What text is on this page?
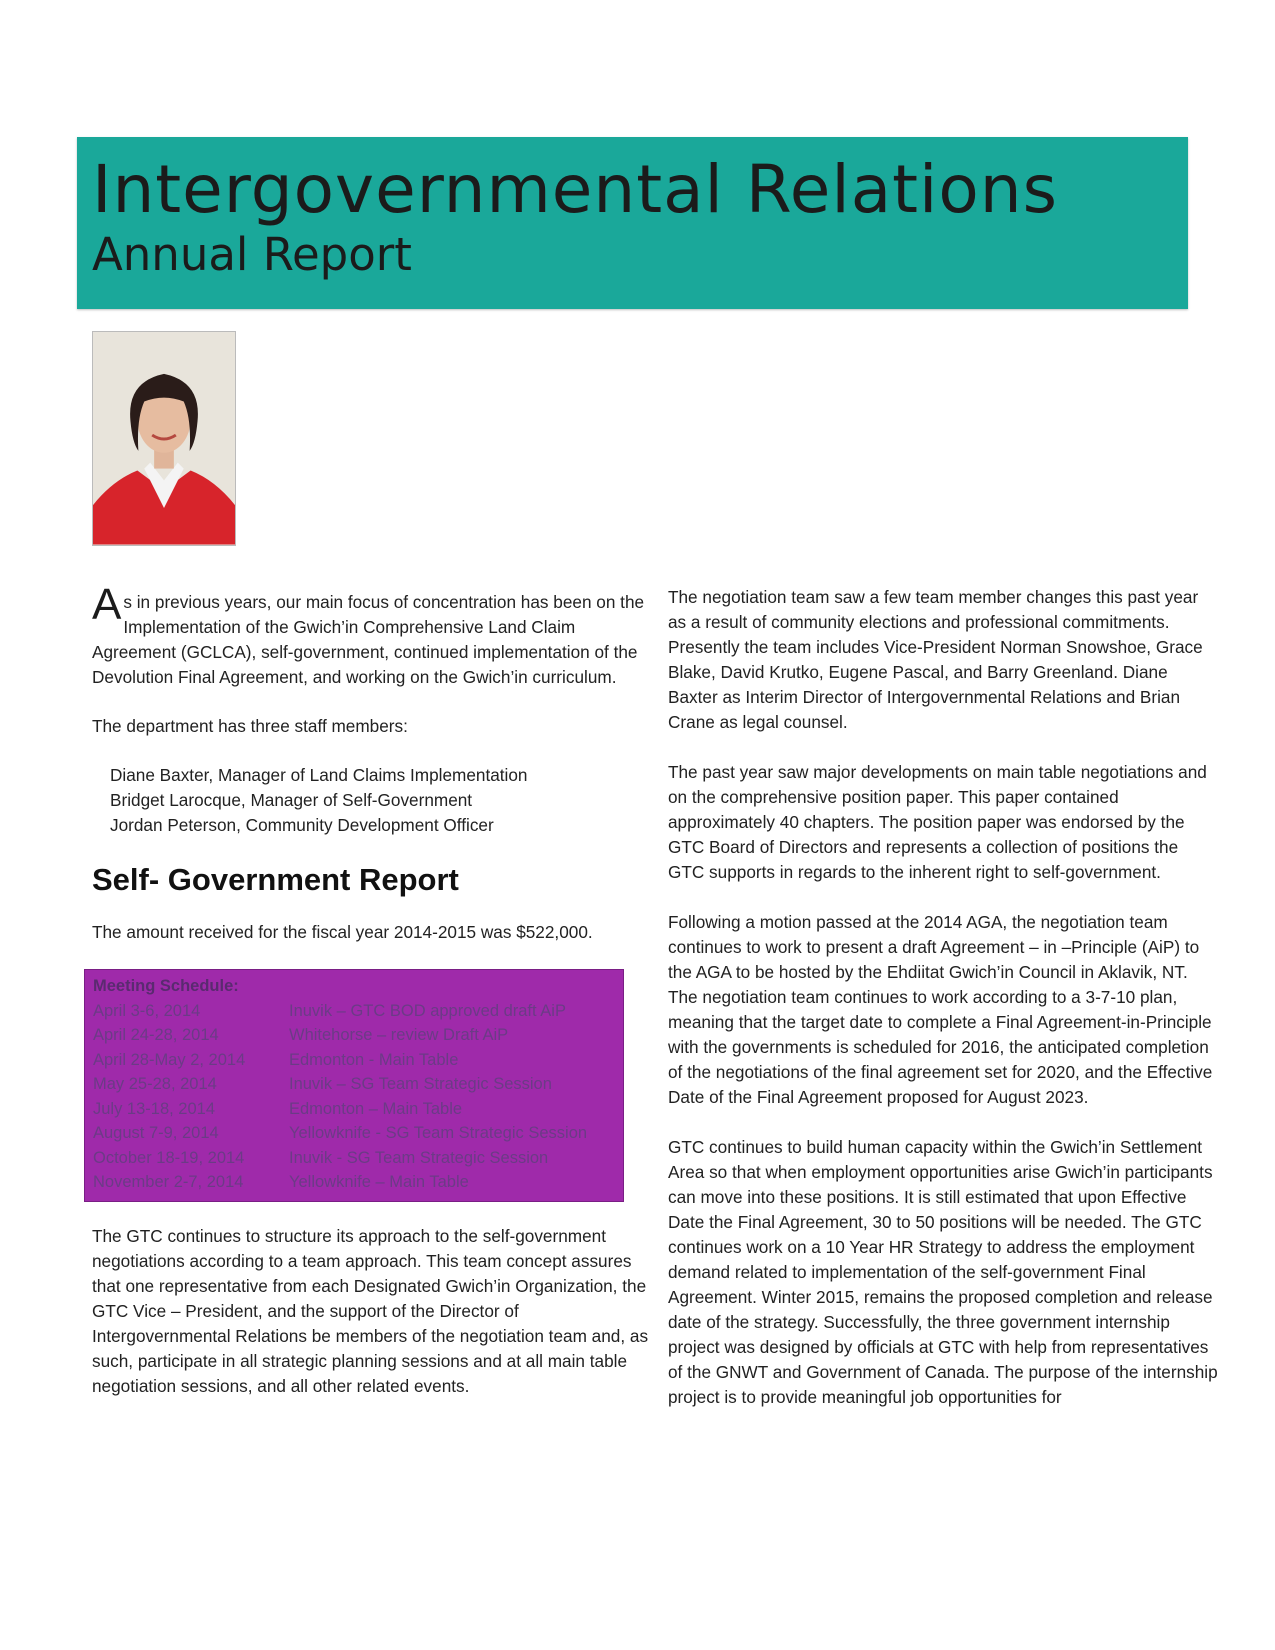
Intergovernmental Relations
Annual Report

As in previous years, our main focus of concentration has been on the Implementation of the Gwich’in Comprehensive Land Claim Agreement (GCLCA), self-government, continued implementation of the Devolution Final Agreement, and working on the Gwich’in curriculum.

The department has three staff members:

Diane Baxter, Manager of Land Claims Implementation
Bridget Larocque, Manager of Self-Government
Jordan Peterson, Community Development Officer
Self- Government Report

The amount received for the fiscal year 2014-2015 was $522,000.

Meeting Schedule:
April 3-6, 2014	Inuvik – GTC BOD approved draft AiP
April 24-28, 2014	Whitehorse – review Draft AiP
April 28-May 2, 2014	Edmonton - Main Table
May 25-28, 2014	Inuvik – SG Team Strategic Session
July 13-18, 2014	Edmonton – Main Table
August 7-9, 2014	Yellowknife - SG Team Strategic Session
October 18-19, 2014	Inuvik - SG Team Strategic Session
November 2-7, 2014	Yellowknife – Main Table

The GTC continues to structure its approach to the self-government negotiations according to a team approach. This team concept assures that one representative from each Designated Gwich’in Organization, the GTC Vice – President, and the support of the Director of Intergovernmental Relations be members of the negotiation team and, as such, participate in all strategic planning sessions and at all main table negotiation sessions, and all other related events.

The negotiation team saw a few team member changes this past year as a result of community elections and professional commitments. Presently the team includes Vice-President Norman Snowshoe, Grace Blake, David Krutko, Eugene Pascal, and Barry Greenland. Diane Baxter as Interim Director of Intergovernmental Relations and Brian Crane as legal counsel.

The past year saw major developments on main table negotiations and on the comprehensive position paper. This paper contained approximately 40 chapters. The position paper was endorsed by the GTC Board of Directors and represents a collection of positions the GTC supports in regards to the inherent right to self-government.

Following a motion passed at the 2014 AGA, the negotiation team continues to work to present a draft Agreement – in –Principle (AiP) to the AGA to be hosted by the Ehdiitat Gwich’in Council in Aklavik, NT. The negotiation team continues to work according to a 3-7-10 plan, meaning that the target date to complete a Final Agreement-in-Principle with the governments is scheduled for 2016, the anticipated completion of the negotiations of the final agreement set for 2020, and the Effective Date of the Final Agreement proposed for August 2023.

GTC continues to build human capacity within the Gwich’in Settlement Area so that when employment opportunities arise Gwich’in participants can move into these positions. It is still estimated that upon Effective Date the Final Agreement, 30 to 50 positions will be needed. The GTC continues work on a 10 Year HR Strategy to address the employment demand related to implementation of the self-government Final Agreement. Winter 2015, remains the proposed completion and release date of the strategy. Successfully, the three government internship project was designed by officials at GTC with help from representatives of the GNWT and Government of Canada. The purpose of the internship project is to provide meaningful job opportunities for
